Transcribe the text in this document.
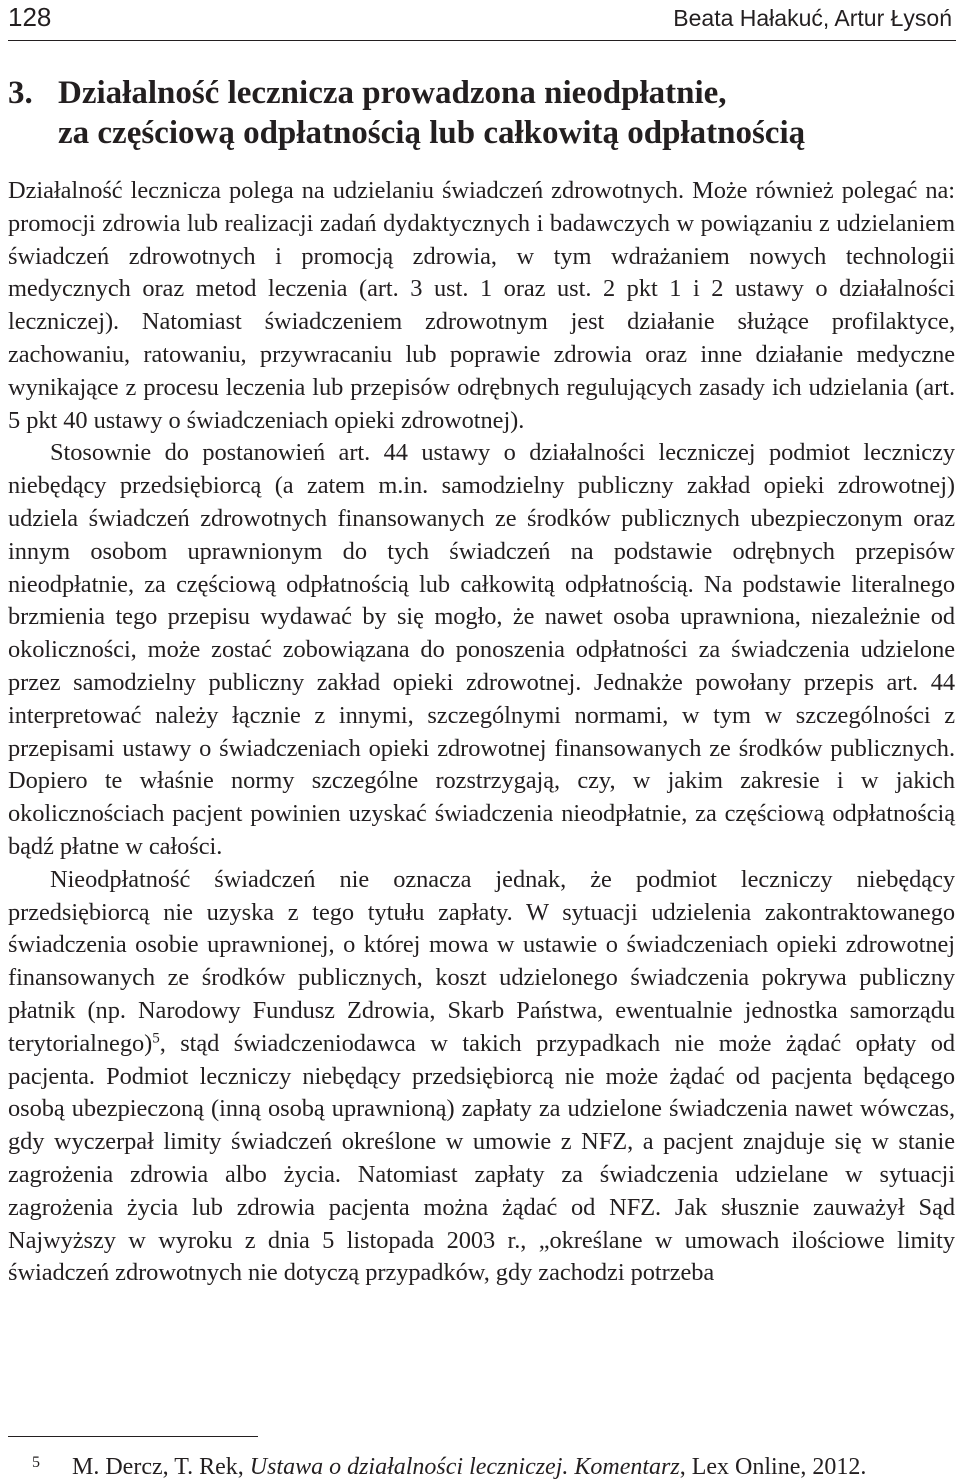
128	Beata Hałakuć, Artur Łysoń
3. Działalność lecznicza prowadzona nieodpłatnie,
za częściową odpłatnością lub całkowitą odpłatnością

Działalność lecznicza polega na udzielaniu świadczeń zdrowotnych. Może również polegać na: promocji zdrowia lub realizacji zadań dydaktycznych i badawczych w powiązaniu z udzielaniem świadczeń zdrowotnych i promocją zdrowia, w tym wdrażaniem nowych technologii medycznych oraz metod leczenia (art. 3 ust. 1 oraz ust. 2 pkt 1 i 2 ustawy o działalności leczniczej). Natomiast świadczeniem zdrowotnym jest działanie służące profilaktyce, zachowaniu, ratowaniu, przywracaniu lub poprawie zdrowia oraz inne działanie medyczne wynikające z procesu leczenia lub przepisów odrębnych regulujących zasady ich udzielania (art. 5 pkt 40 ustawy o świadczeniach opieki zdrowotnej).

Stosownie do postanowień art. 44 ustawy o działalności leczniczej podmiot leczniczy niebędący przedsiębiorcą (a zatem m.in. samodzielny publiczny zakład opieki zdrowotnej) udziela świadczeń zdrowotnych finansowanych ze środków publicznych ubezpieczonym oraz innym osobom uprawnionym do tych świadczeń na podstawie odrębnych przepisów nieodpłatnie, za częściową odpłatnością lub całkowitą odpłatnością. Na podstawie literalnego brzmienia tego przepisu wydawać by się mogło, że nawet osoba uprawniona, niezależnie od okoliczności, może zostać zobowiązana do ponoszenia odpłatności za świadczenia udzielone przez samodzielny publiczny zakład opieki zdrowotnej. Jednakże powołany przepis art. 44 interpretować należy łącznie z innymi, szczególnymi normami, w tym w szczególności z przepisami ustawy o świadczeniach opieki zdrowotnej finansowanych ze środków publicznych. Dopiero te właśnie normy szczególne rozstrzygają, czy, w jakim zakresie i w jakich okolicznościach pacjent powinien uzyskać świadczenia nieodpłatnie, za częściową odpłatnością bądź płatne w całości.

Nieodpłatność świadczeń nie oznacza jednak, że podmiot leczniczy niebędący przedsiębiorcą nie uzyska z tego tytułu zapłaty. W sytuacji udzielenia zakontraktowanego świadczenia osobie uprawnionej, o której mowa w ustawie o świadczeniach opieki zdrowotnej finansowanych ze środków publicznych, koszt udzielonego świadczenia pokrywa publiczny płatnik (np. Narodowy Fundusz Zdrowia, Skarb Państwa, ewentualnie jednostka samorządu terytorialnego)$^5$, stąd świadczeniodawca w takich przypadkach nie może żądać opłaty od pacjenta. Podmiot leczniczy niebędący przedsiębiorcą nie może żądać od pacjenta będącego osobą ubezpieczoną (inną osobą uprawnioną) zapłaty za udzielone świadczenia nawet wówczas, gdy wyczerpał limity świadczeń określone w umowie z NFZ, a pacjent znajduje się w stanie zagrożenia zdrowia albo życia. Natomiast zapłaty za świadczenia udzielane w sytuacji zagrożenia życia lub zdrowia pacjenta można żądać od NFZ. Jak słusznie zauważył Sąd Najwyższy w wyroku z dnia 5 listopada 2003 r., „określane w umowach ilościowe limity świadczeń zdrowotnych nie dotyczą przypadków, gdy zachodzi potrzeba

5 M. Dercz, T. Rek, Ustawa o działalności leczniczej. Komentarz, Lex Online, 2012.
